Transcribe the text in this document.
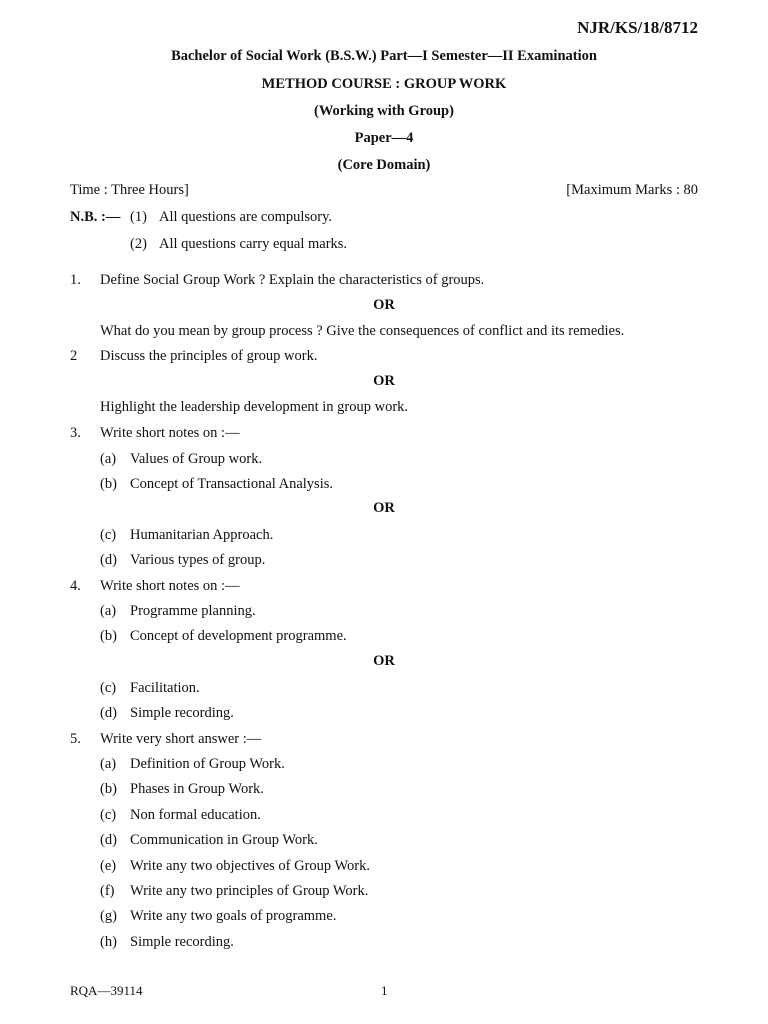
NJR/KS/18/8712
Bachelor of Social Work (B.S.W.) Part—I Semester—II Examination
METHOD COURSE : GROUP WORK
(Working with Group)
Paper—4
(Core Domain)
Time : Three Hours]	[Maximum Marks : 80
N.B. :— (1) All questions are compulsory.
(2) All questions carry equal marks.
1. Define Social Group Work ? Explain the characteristics of groups.
OR
What do you mean by group process ? Give the consequences of conflict and its remedies.
2 Discuss the principles of group work.
OR
Highlight the leadership development in group work.
3. Write short notes on :—
(a) Values of Group work.
(b) Concept of Transactional Analysis.
OR
(c) Humanitarian Approach.
(d) Various types of group.
4. Write short notes on :—
(a) Programme planning.
(b) Concept of development programme.
OR
(c) Facilitation.
(d) Simple recording.
5. Write very short answer :—
(a) Definition of Group Work.
(b) Phases in Group Work.
(c) Non formal education.
(d) Communication in Group Work.
(e) Write any two objectives of Group Work.
(f) Write any two principles of Group Work.
(g) Write any two goals of programme.
(h) Simple recording.
RQA—39114	1
